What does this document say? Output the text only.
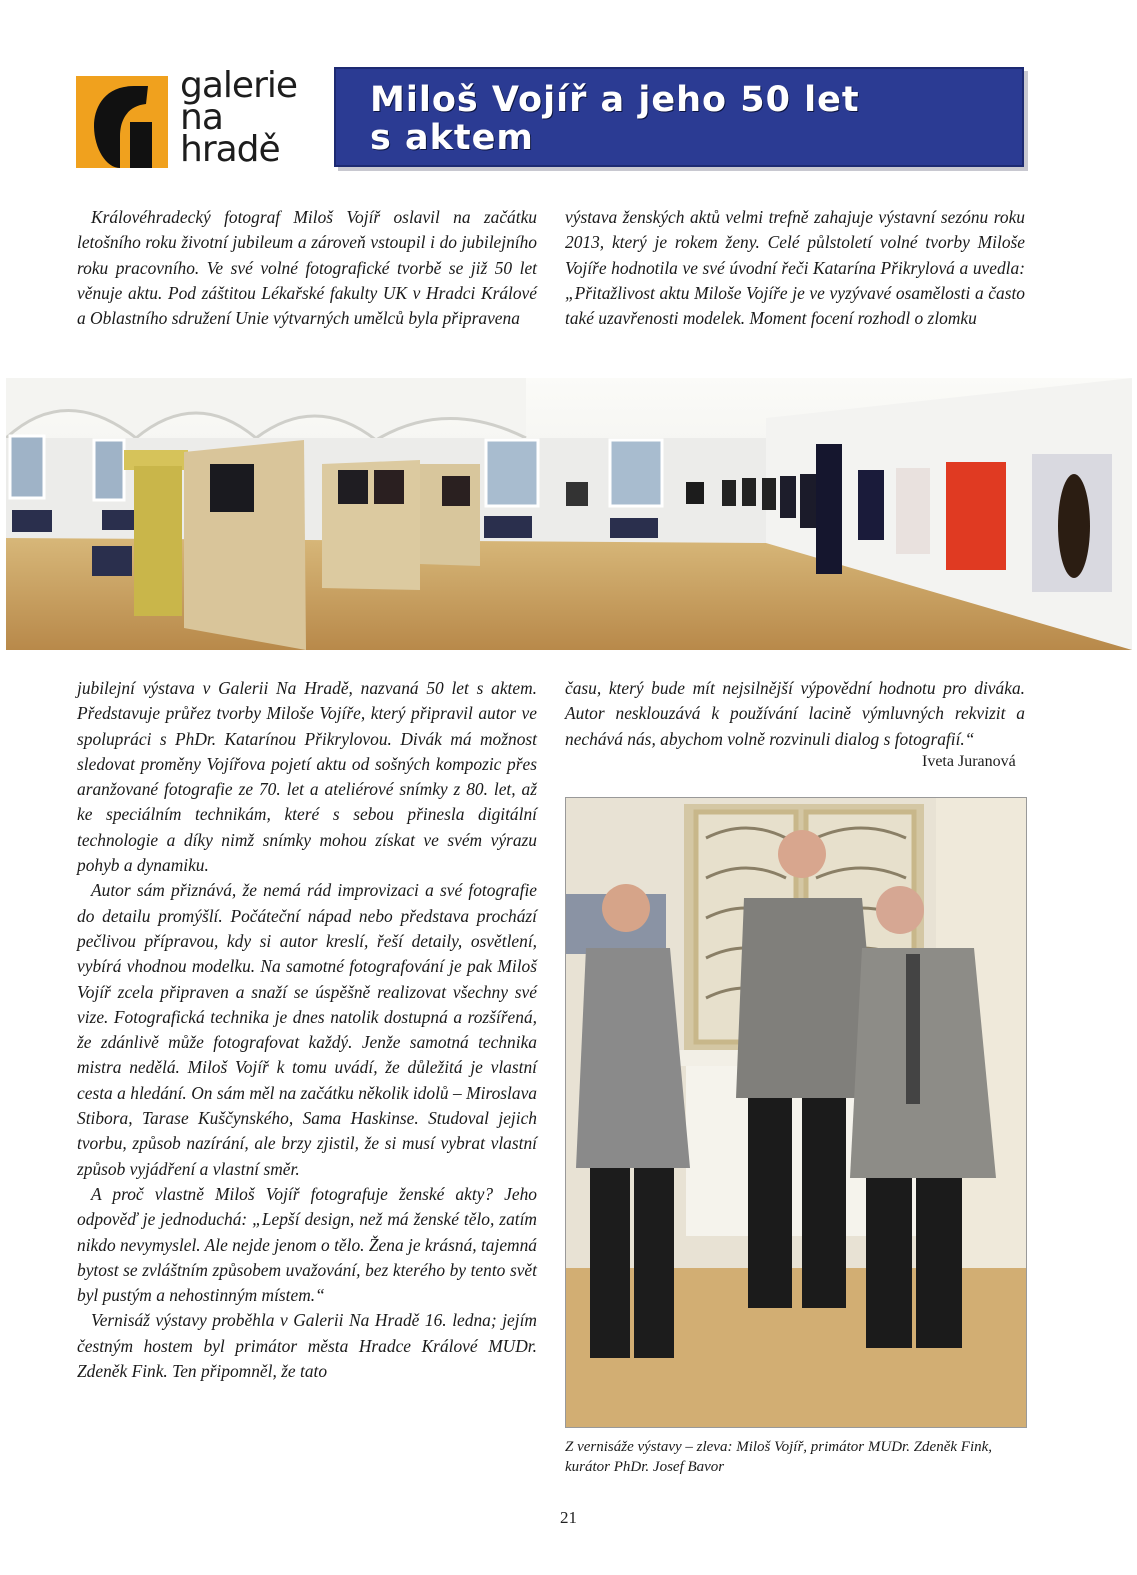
galerie
na
hradě
Miloš Vojíř a jeho 50 let
s aktem

Královéhradecký fotograf Miloš Vojíř oslavil na začátku letošního roku životní jubileum a zároveň vstoupil i do jubilejního roku pracovního. Ve své volné fotografické tvorbě se již 50 let věnuje aktu. Pod záštitou Lékařské fakulty UK v Hradci Králové a Oblastního sdružení Unie výtvarných umělců byla připravena

výstava ženských aktů velmi trefně zahajuje výstavní sezónu roku 2013, který je rokem ženy. Celé půlstoletí volné tvorby Miloše Vojíře hodnotila ve své úvodní řeči Katarína Přikrylová a uvedla: „Přitažlivost aktu Miloše Vojíře je ve vyzývavé osamělosti a často také uzavřenosti modelek. Moment focení rozhodl o zlomku

jubilejní výstava v Galerii Na Hradě, nazvaná 50 let s aktem. Představuje průřez tvorby Miloše Vojíře, který připravil autor ve spolupráci s PhDr. Katarínou Přikrylovou. Divák má možnost sledovat proměny Vojířova pojetí aktu od sošných kompozic přes aranžované fotografie ze 70. let a ateliérové snímky z 80. let, až ke speciálním technikám, které s sebou přinesla digitální technologie a díky nimž snímky mohou získat ve svém výrazu pohyb a dynamiku.

Autor sám přiznává, že nemá rád improvizaci a své fotografie do detailu promýšlí. Počáteční nápad nebo představa prochází pečlivou přípravou, kdy si autor kreslí, řeší detaily, osvětlení, vybírá vhodnou modelku. Na samotné fotografování je pak Miloš Vojíř zcela připraven a snaží se úspěšně realizovat všechny své vize. Fotografická technika je dnes natolik dostupná a rozšířená, že zdánlivě může fotografovat každý. Jenže samotná technika mistra nedělá. Miloš Vojíř k tomu uvádí, že důležitá je vlastní cesta a hledání. On sám měl na začátku několik idolů – Miroslava Stibora, Tarase Kuščynského, Sama Haskinse. Studoval jejich tvorbu, způsob nazírání, ale brzy zjistil, že si musí vybrat vlastní způsob vyjádření a vlastní směr.

A proč vlastně Miloš Vojíř fotografuje ženské akty? Jeho odpověď je jednoduchá: „Lepší design, než má ženské tělo, zatím nikdo nevymyslel. Ale nejde jenom o tělo. Žena je krásná, tajemná bytost se zvláštním způsobem uvažování, bez kterého by tento svět byl pustým a nehostinným místem.“

Vernisáž výstavy proběhla v Galerii Na Hradě 16. ledna; jejím čestným hostem byl primátor města Hradce Králové MUDr. Zdeněk Fink. Ten připomněl, že tato

času, který bude mít nejsilnější výpovědní hodnotu pro diváka. Autor nesklouzává k používání lacině výmluvných rekvizit a nechává nás, abychom volně rozvinuli dialog s fotografií.“

Iveta Juranová
Z vernisáže výstavy – zleva: Miloš Vojíř, primátor MUDr. Zdeněk Fink, kurátor PhDr. Josef Bavor
21
